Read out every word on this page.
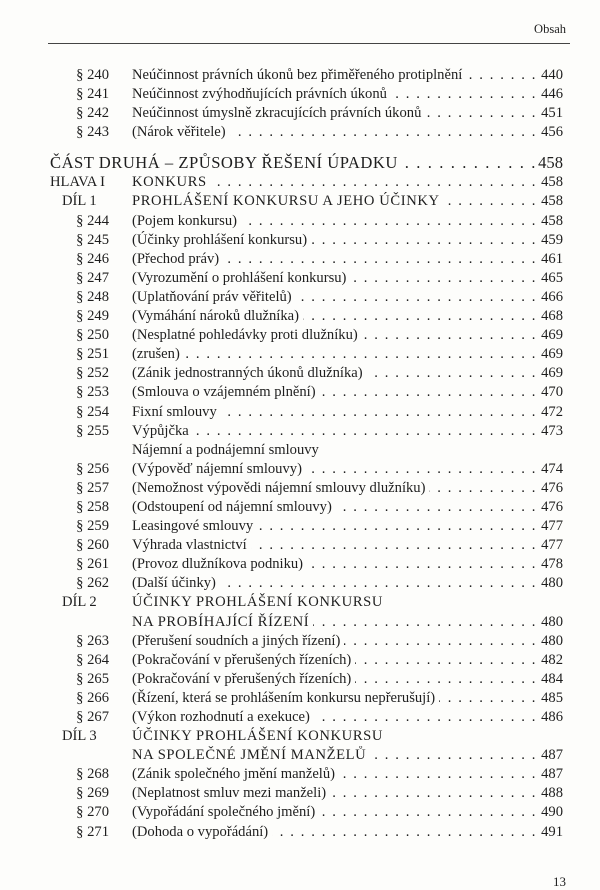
Obsah
§ 240 Neúčinnost právních úkonů bez přiměřeného protiplnění . . .	440
§ 241 Neúčinnost zvýhodňujících právních úkonů . . .	446
§ 242 Neúčinnost úmyslně zkracujících právních úkonů . . .	451
§ 243 (Nárok věřitele) . . .	456
ČÁST DRUHÁ – ZPŮSOBY ŘEŠENÍ ÚPADKU . . .	458
HLAVA I KONKURS . . .	458
DÍL 1 PROHLÁŠENÍ KONKURSU A JEHO ÚČINKY . . .	458
§ 244 (Pojem konkursu) . . .	458
§ 245 (Účinky prohlášení konkursu) . . .	459
§ 246 (Přechod práv) . . .	461
§ 247 (Vyrozumění o prohlášení konkursu) . . .	465
§ 248 (Uplatňování práv věřitelů) . . .	466
§ 249 (Vymáhání nároků dlužníka) . . .	468
§ 250 (Nesplatné pohledávky proti dlužníku) . . .	469
§ 251 (zrušen) . . .	469
§ 252 (Zánik jednostranných úkonů dlužníka) . . .	469
§ 253 (Smlouva o vzájemném plnění) . . .	470
§ 254 Fixní smlouvy . . .	472
§ 255 Výpůjčka . . .	473
Nájemní a podnájemní smlouvy
§ 256 (Výpověď nájemní smlouvy) . . .	474
§ 257 (Nemožnost výpovědi nájemní smlouvy dlužníku) . . .	476
§ 258 (Odstoupení od nájemní smlouvy) . . .	476
§ 259 Leasingové smlouvy . . .	477
§ 260 Výhrada vlastnictví . . .	477
§ 261 (Provoz dlužníkova podniku) . . .	478
§ 262 (Další účinky) . . .	480
DÍL 2 ÚČINKY PROHLÁŠENÍ KONKURSU
NA PROBÍHAJÍCÍ ŘÍZENÍ . . .	480
§ 263 (Přerušení soudních a jiných řízení) . . .	480
§ 264 (Pokračování v přerušených řízeních) . . .	482
§ 265 (Pokračování v přerušených řízeních) . . .	484
§ 266 (Řízení, která se prohlášením konkursu nepřerušují) . . .	485
§ 267 (Výkon rozhodnutí a exekuce) . . .	486
DÍL 3 ÚČINKY PROHLÁŠENÍ KONKURSU
NA SPOLEČNÉ JMĚNÍ MANŽELŮ . . .	487
§ 268 (Zánik společného jmění manželů) . . .	487
§ 269 (Neplatnost smluv mezi manželi) . . .	488
§ 270 (Vypořádání společného jmění) . . .	490
§ 271 (Dohoda o vypořádání) . . .	491
13
